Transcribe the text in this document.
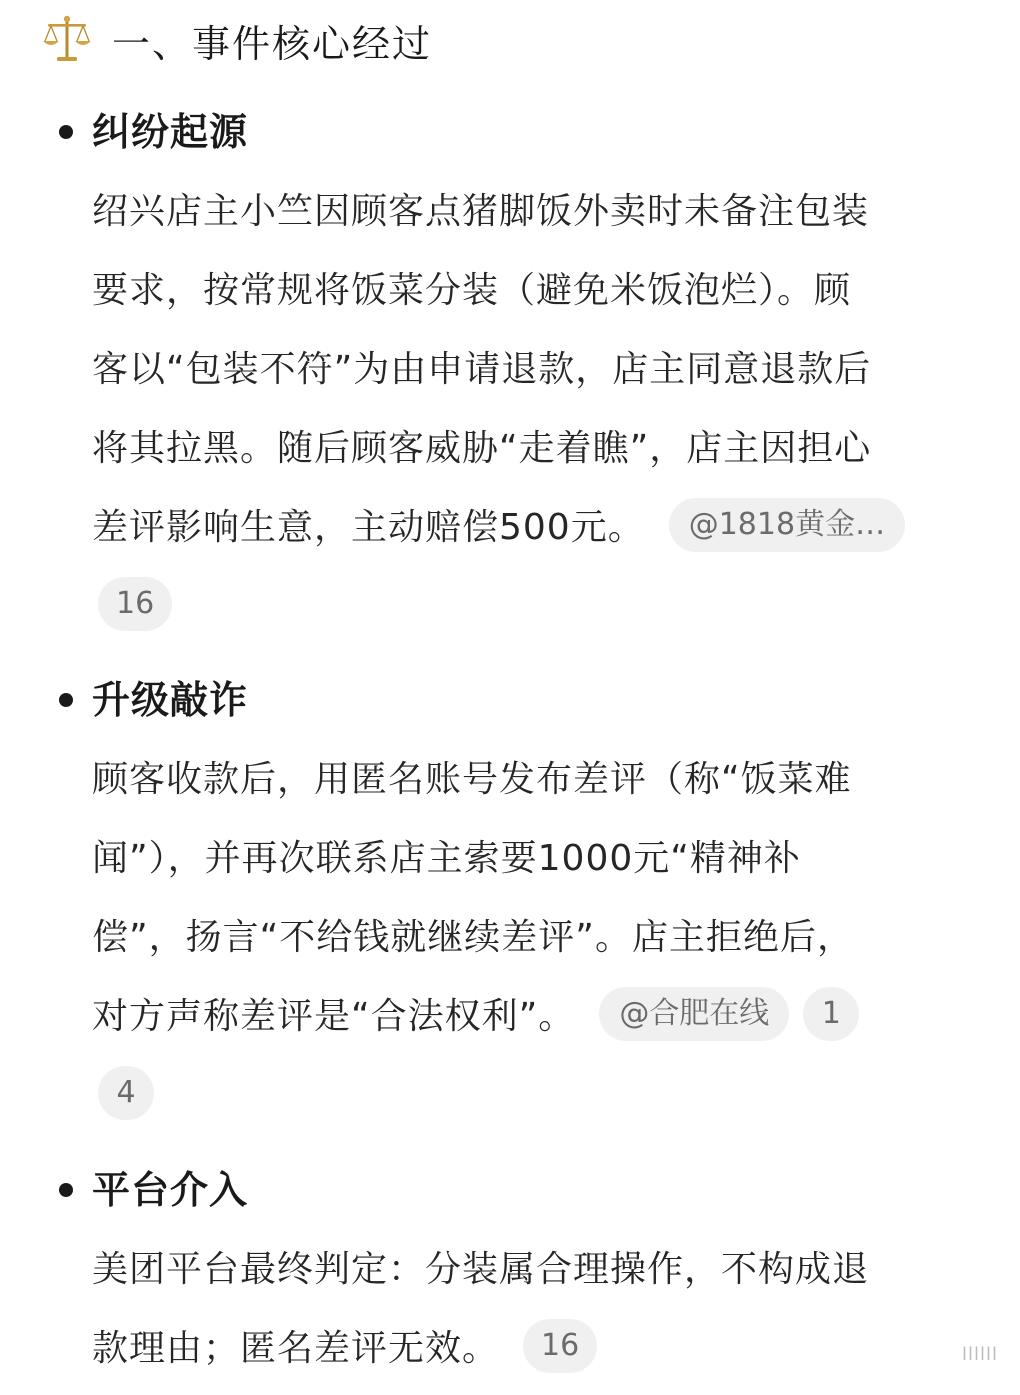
一、事件核心经过
纠纷起源
绍兴店主小竺因顾客点猪脚饭外卖时未备注包装
要求，按常规将饭菜分装（避免米饭泡烂）。顾
客以“包装不符”为由申请退款，店主同意退款后
将其拉黑。随后顾客威胁“走着瞧”，店主因担心
差评影响生意，主动赔偿500元。 @1818黄金…
16
升级敲诈
顾客收款后，用匿名账号发布差评（称“饭菜难
闻”），并再次联系店主索要1000元“精神补
偿”，扬言“不给钱就继续差评”。店主拒绝后，
对方声称差评是“合法权利”。 @合肥在线 1
4
平台介入
美团平台最终判定：分装属合理操作，不构成退
款理由；匿名差评无效。 16	llllll
